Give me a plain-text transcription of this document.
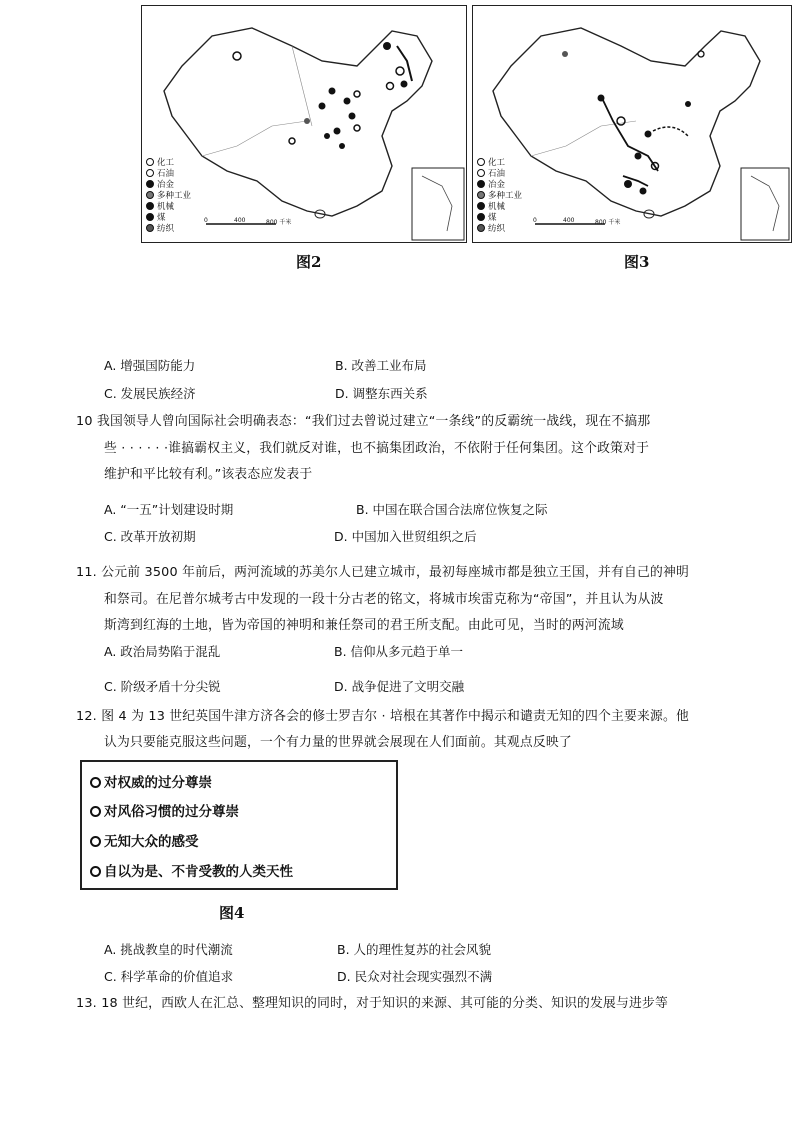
化工
石油
冶金
多种工业
机械
煤
纺织
0	400	800 千米
图2
化工
石油
冶金
多种工业
机械
煤
纺织
0	400	800 千米
图3
A. 增强国防能力	B. 改善工业布局
C. 发展民族经济	D. 调整东西关系
10 我国领导人曾向国际社会明确表态：“我们过去曾说过建立“一条线”的反霸统一战线，现在不搞那
些 · · · · · ·谁搞霸权主义，我们就反对谁，也不搞集团政治，不依附于任何集团。这个政策对于
维护和平比较有利。”该表态应发表于
A. “一五”计划建设时期	B. 中国在联合国合法席位恢复之际
C. 改革开放初期	D. 中国加入世贸组织之后
11. 公元前 3500 年前后，两河流域的苏美尔人已建立城市，最初每座城市都是独立王国，并有自己的神明
和祭司。在尼普尔城考古中发现的一段十分古老的铭文，将城市埃雷克称为“帝国”，并且认为从波
斯湾到红海的土地，皆为帝国的神明和兼任祭司的君王所支配。由此可见，当时的两河流域
A. 政治局势陷于混乱	B. 信仰从多元趋于单一
C. 阶级矛盾十分尖锐	D. 战争促进了文明交融
12. 图 4 为 13 世纪英国牛津方济各会的修士罗吉尔 · 培根在其著作中揭示和谴责无知的四个主要来源。他
认为只要能克服这些问题，一个有力量的世界就会展现在人们面前。其观点反映了
对权威的过分尊崇
对风俗习惯的过分尊崇
无知大众的感受
自以为是、不肯受教的人类天性
图4
A. 挑战教皇的时代潮流	B. 人的理性复苏的社会风貌
C. 科学革命的价值追求	D. 民众对社会现实强烈不满
13. 18 世纪，西欧人在汇总、整理知识的同时，对于知识的来源、其可能的分类、知识的发展与进步等
